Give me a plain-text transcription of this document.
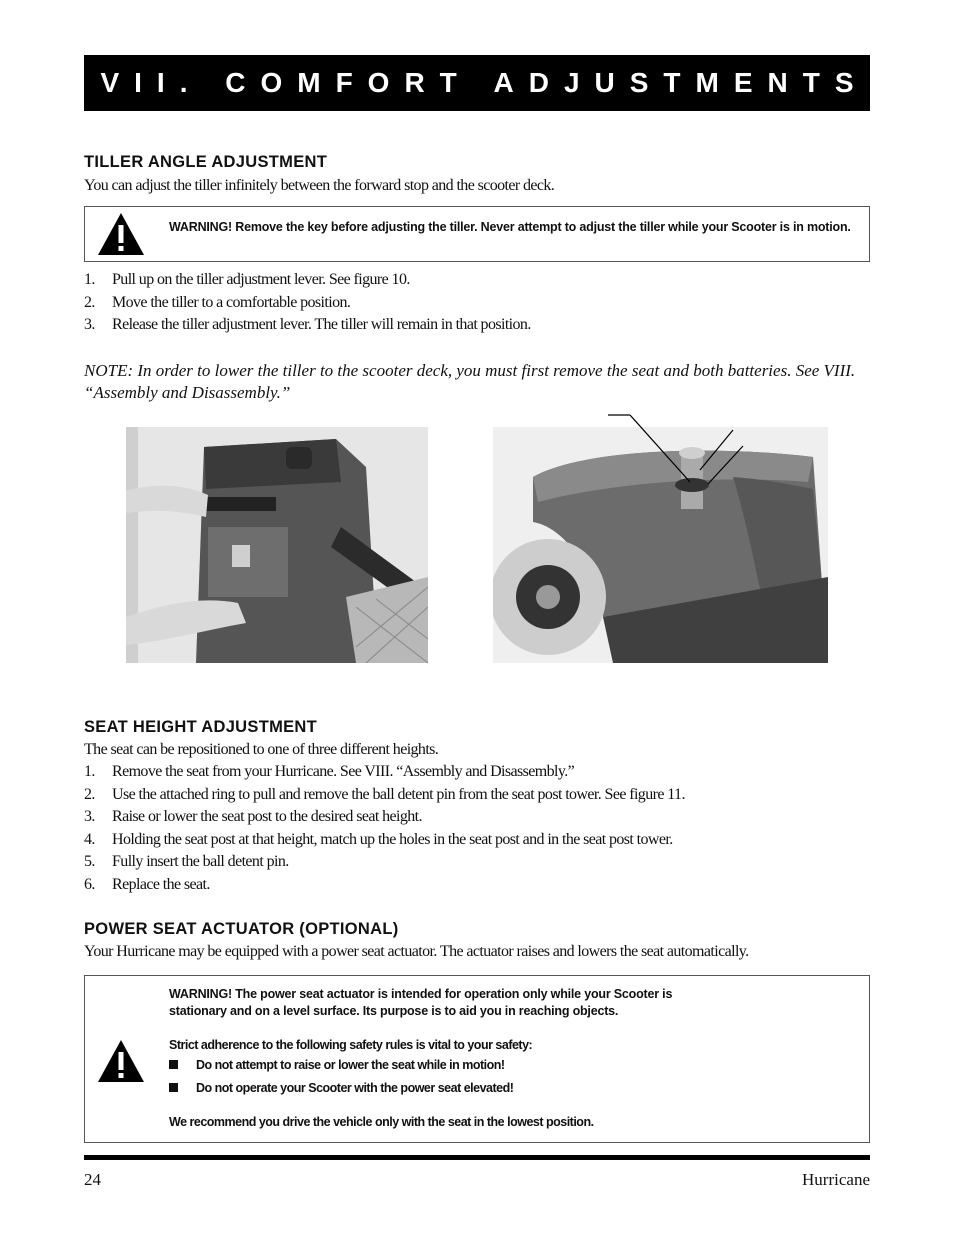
VII. COMFORT ADJUSTMENTS
TILLER ANGLE ADJUSTMENT
You can adjust the tiller infinitely between the forward stop and the scooter deck.
WARNING! Remove the key before adjusting the tiller. Never attempt to adjust the tiller while your Scooter is in motion.
1. Pull up on the tiller adjustment lever. See figure 10.
2. Move the tiller to a comfortable position.
3. Release the tiller adjustment lever. The tiller will remain in that position.
NOTE: In order to lower the tiller to the scooter deck, you must first remove the seat and both batteries. See VIII. “Assembly and Disassembly.”
SEAT HEIGHT ADJUSTMENT
The seat can be repositioned to one of three different heights.
1. Remove the seat from your Hurricane. See VIII. “Assembly and Disassembly.”
2. Use the attached ring to pull and remove the ball detent pin from the seat post tower. See figure 11.
3. Raise or lower the seat post to the desired seat height.
4. Holding the seat post at that height, match up the holes in the seat post and in the seat post tower.
5. Fully insert the ball detent pin.
6. Replace the seat.
POWER SEAT ACTUATOR (OPTIONAL)
Your Hurricane may be equipped with a power seat actuator. The actuator raises and lowers the seat automatically.
WARNING! The power seat actuator is intended for operation only while your Scooter is
stationary and on a level surface. Its purpose is to aid you in reaching objects.
Strict adherence to the following safety rules is vital to your safety:
Do not attempt to raise or lower the seat while in motion!
Do not operate your Scooter with the power seat elevated!
We recommend you drive the vehicle only with the seat in the lowest position.
24	Hurricane
